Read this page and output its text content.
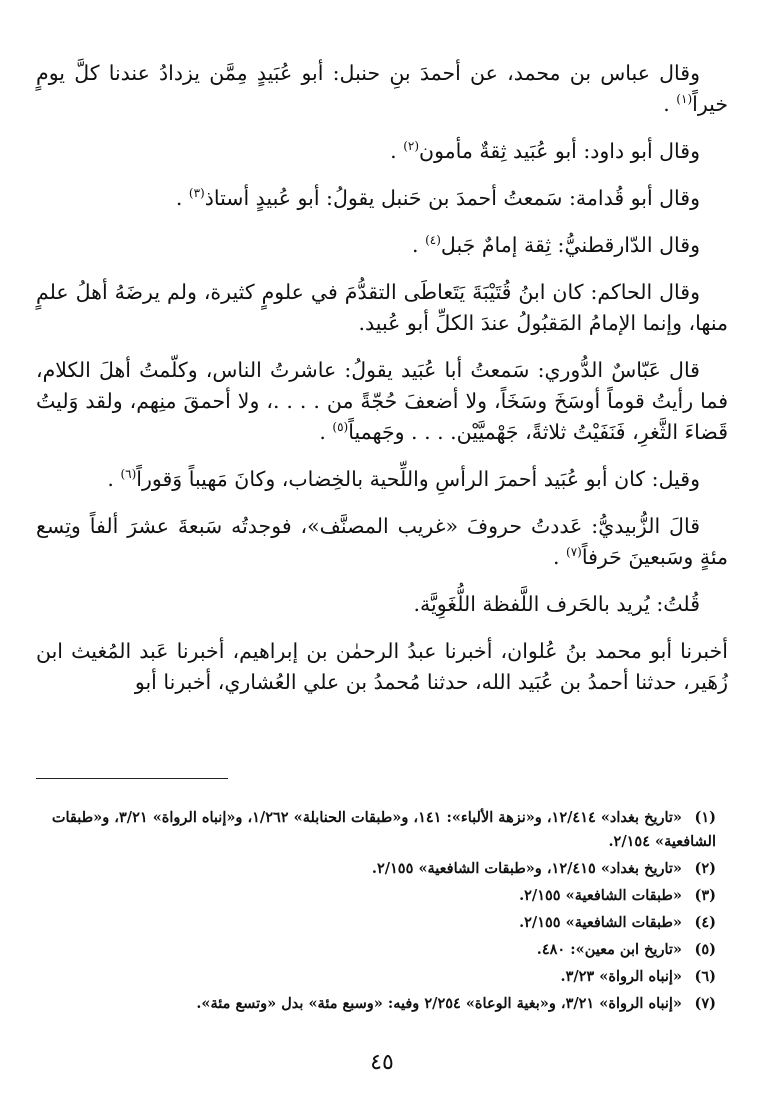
وقال عباس بن محمد، عن أحمدَ بنِ حنبل: أبو عُبَيدٍ مِمَّن يزدادُ عندنا كلَّ يومٍ خيراً$^{(١)}$ .

وقال أبو داود: أبو عُبَيد ثِقةٌ مأمون$^{(٢)}$ .

وقال أبو قُدامة: سَمعتُ أحمدَ بن حَنبل يقولُ: أبو عُبيدٍ أستاذ$^{(٣)}$ .

وقال الدّارقطنيُّ: ثِقة إمامٌ جَبل$^{(٤)}$ .

وقال الحاكم: كان ابنُ قُتَيْبَةَ يَتَعاطَى التقدُّمَ في علومٍ كثيرة، ولم يرضَهُ أهلُ علمٍ منها، وإنما الإمامُ المَقبُولُ عندَ الكلِّ أبو عُبيد.

قال عَبّاسٌ الدُّوري: سَمعتُ أبا عُبَيد يقولُ: عاشرتُ الناس، وكلّمتُ أهلَ الكلام، فما رأيتُ قوماً أوسَخَ وسَخَاً، ولا أضعفَ حُجّةً من . . . .، ولا أحمقَ منِهم، ولقد وَليتُ قَضاءَ الثَّغرِ، فَنَفَيْتُ ثلاثةً، جَهْميَّيْن. . . . وجَهمياً$^{(٥)}$ .

وقيل: كان أبو عُبَيد أحمرَ الرأسِ واللِّحية بالخِضاب، وكانَ مَهيباً وَقوراً$^{(٦)}$ .

قالَ الزُّبيديُّ: عَددتُ حروفَ «غريب المصنَّف»، فوجدتُه سَبعةَ عشرَ ألفاً وتِسع مئةٍ وسَبعينَ حَرفاً$^{(٧)}$ .

قُلتُ: يُريد بالحَرف اللَّفظة اللُّغَوِيَّة.

أخبرنا أبو محمد بنُ عُلوان، أخبرنا عبدُ الرحمٰن بن إبراهيم، أخبرنا عَبد المُغيث ابن زُهَير، حدثنا أحمدُ بن عُبَيد الله، حدثنا مُحمدُ بن علي العُشاري، أخبرنا أبو

(١)«تاريخ بغداد» ١٢/٤١٤، و«نزهة الألباء»: ١٤١، و«طبقات الحنابلة» ١/٢٦٢، و«إنباه الرواة» ٣/٢١، و«طبقات الشافعية» ٢/١٥٤.

(٢)«تاريخ بغداد» ١٢/٤١٥، و«طبقات الشافعية» ٢/١٥٥.

(٣)«طبقات الشافعية» ٢/١٥٥.

(٤)«طبقات الشافعية» ٢/١٥٥.

(٥)«تاريخ ابن معين»: ٤٨٠.

(٦)«إنباه الرواة» ٣/٢٣.

(٧)«إنباه الرواة» ٣/٢١، و«بغية الوعاة» ٢/٢٥٤ وفيه: «وسبع مئة» بدل «وتسع مئة».

٤٥
